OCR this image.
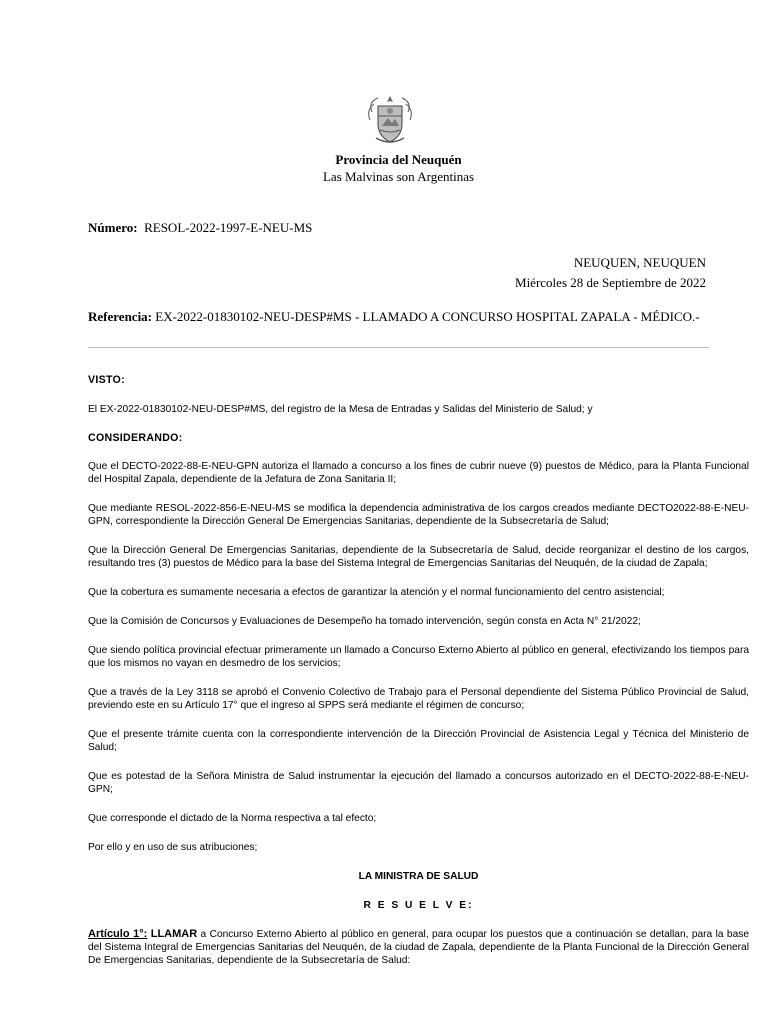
Provincia del Neuquén
Las Malvinas son Argentinas
Número: RESOL-2022-1997-E-NEU-MS
NEUQUEN, NEUQUEN
Miércoles 28 de Septiembre de 2022
Referencia: EX-2022-01830102-NEU-DESP#MS - LLAMADO A CONCURSO HOSPITAL ZAPALA - MÉDICO.-

VISTO:

El EX-2022-01830102-NEU-DESP#MS, del registro de la Mesa de Entradas y Salidas del Ministerio de Salud; y

CONSIDERANDO:

Que el DECTO-2022-88-E-NEU-GPN autoriza el llamado a concurso a los fines de cubrir nueve (9) puestos de Médico, para la Planta Funcional del Hospital Zapala, dependiente de la Jefatura de Zona Sanitaria II;

Que mediante RESOL-2022-856-E-NEU-MS se modifica la dependencia administrativa de los cargos creados mediante DECTO2022-88-E-NEU-GPN, correspondiente la Dirección General De Emergencias Sanitarias, dependiente de la Subsecretaría de Salud;

Que la Dirección General De Emergencias Sanitarias, dependiente de la Subsecretaría de Salud, decide reorganizar el destino de los cargos, resultando tres (3) puestos de Médico para la base del Sistema Integral de Emergencias Sanitarias del Neuquén, de la ciudad de Zapala;

Que la cobertura es sumamente necesaria a efectos de garantizar la atención y el normal funcionamiento del centro asistencial;

Que la Comisión de Concursos y Evaluaciones de Desempeño ha tomado intervención, según consta en Acta N° 21/2022;

Que siendo política provincial efectuar primeramente un llamado a Concurso Externo Abierto al público en general, efectivizando los tiempos para que los mismos no vayan en desmedro de los servicios;

Que a través de la Ley 3118 se aprobó el Convenio Colectivo de Trabajo para el Personal dependiente del Sistema Público Provincial de Salud, previendo este en su Artículo 17° que el ingreso al SPPS será mediante el régimen de concurso;

Que el presente trámite cuenta con la correspondiente intervención de la Dirección Provincial de Asistencia Legal y Técnica del Ministerio de Salud;

Que es potestad de la Señora Ministra de Salud instrumentar la ejecución del llamado a concursos autorizado en el DECTO-2022-88-E-NEU-GPN;

Que corresponde el dictado de la Norma respectiva a tal efecto;

Por ello y en uso de sus atribuciones;

LA MINISTRA DE SALUD

R E S U E L V E:

Artículo 1°: LLAMAR a Concurso Externo Abierto al público en general, para ocupar los puestos que a continuación se detallan, para la base del Sistema Integral de Emergencias Sanitarias del Neuquén, de la ciudad de Zapala, dependiente de la Planta Funcional de la Dirección General De Emergencias Sanitarias, dependiente de la Subsecretaría de Salud:
